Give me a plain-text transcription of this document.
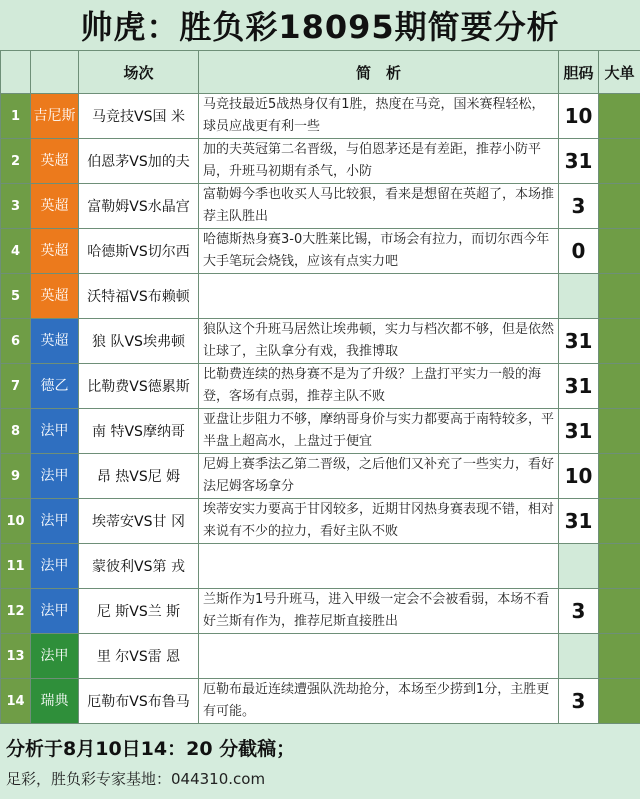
帅虎：胜负彩18095期简要分析
		场次	简　析	胆码	大单
1	吉尼斯	马竞技VS国 米	马竞技最近5战热身仅有1胜，热度在马竞，国米赛程轻松，球员应战更有利一些	10	
2	英超	伯恩茅VS加的夫	加的夫英冠第二名晋级，与伯恩茅还是有差距，推荐小防平局，升班马初期有杀气，小防	31	
3	英超	富勒姆VS水晶宫	富勒姆今季也收买人马比较狠，看来是想留在英超了，本场推荐主队胜出	3	
4	英超	哈德斯VS切尔西	哈德斯热身赛3-0大胜莱比锡，市场会有拉力，而切尔西今年大手笔玩会烧钱，应该有点实力吧	0	
5	英超	沃特福VS布赖顿			
6	英超	狼 队VS埃弗顿	狼队这个升班马居然让埃弗顿，实力与档次都不够，但是依然让球了，主队拿分有戏，我推博取	31	
7	德乙	比勒费VS德累斯	比勒费连续的热身赛不是为了升级？上盘打平实力一般的海登，客场有点弱，推荐主队不败	31	
8	法甲	南 特VS摩纳哥	亚盘让步阻力不够，摩纳哥身价与实力都要高于南特较多，平半盘上超高水，上盘过于便宜	31	
9	法甲	昂 热VS尼 姆	尼姆上赛季法乙第二晋级，之后他们又补充了一些实力，看好法尼姆客场拿分	10	
10	法甲	埃蒂安VS甘 冈	埃蒂安实力要高于甘冈较多，近期甘冈热身赛表现不错，相对来说有不少的拉力，看好主队不败	31	
11	法甲	蒙彼利VS第 戎			
12	法甲	尼 斯VS兰 斯	兰斯作为1号升班马，进入甲级一定会不会被看弱，本场不看好兰斯有作为，推荐尼斯直接胜出	3	
13	法甲	里 尔VS雷 恩			
14	瑞典	厄勒布VS布鲁马	厄勒布最近连续遭强队洗劫抢分，本场至少捞到1分，主胜更有可能。	3	
分析于8月10日14：20 分截稿；
足彩，胜负彩专家基地：044310.com
